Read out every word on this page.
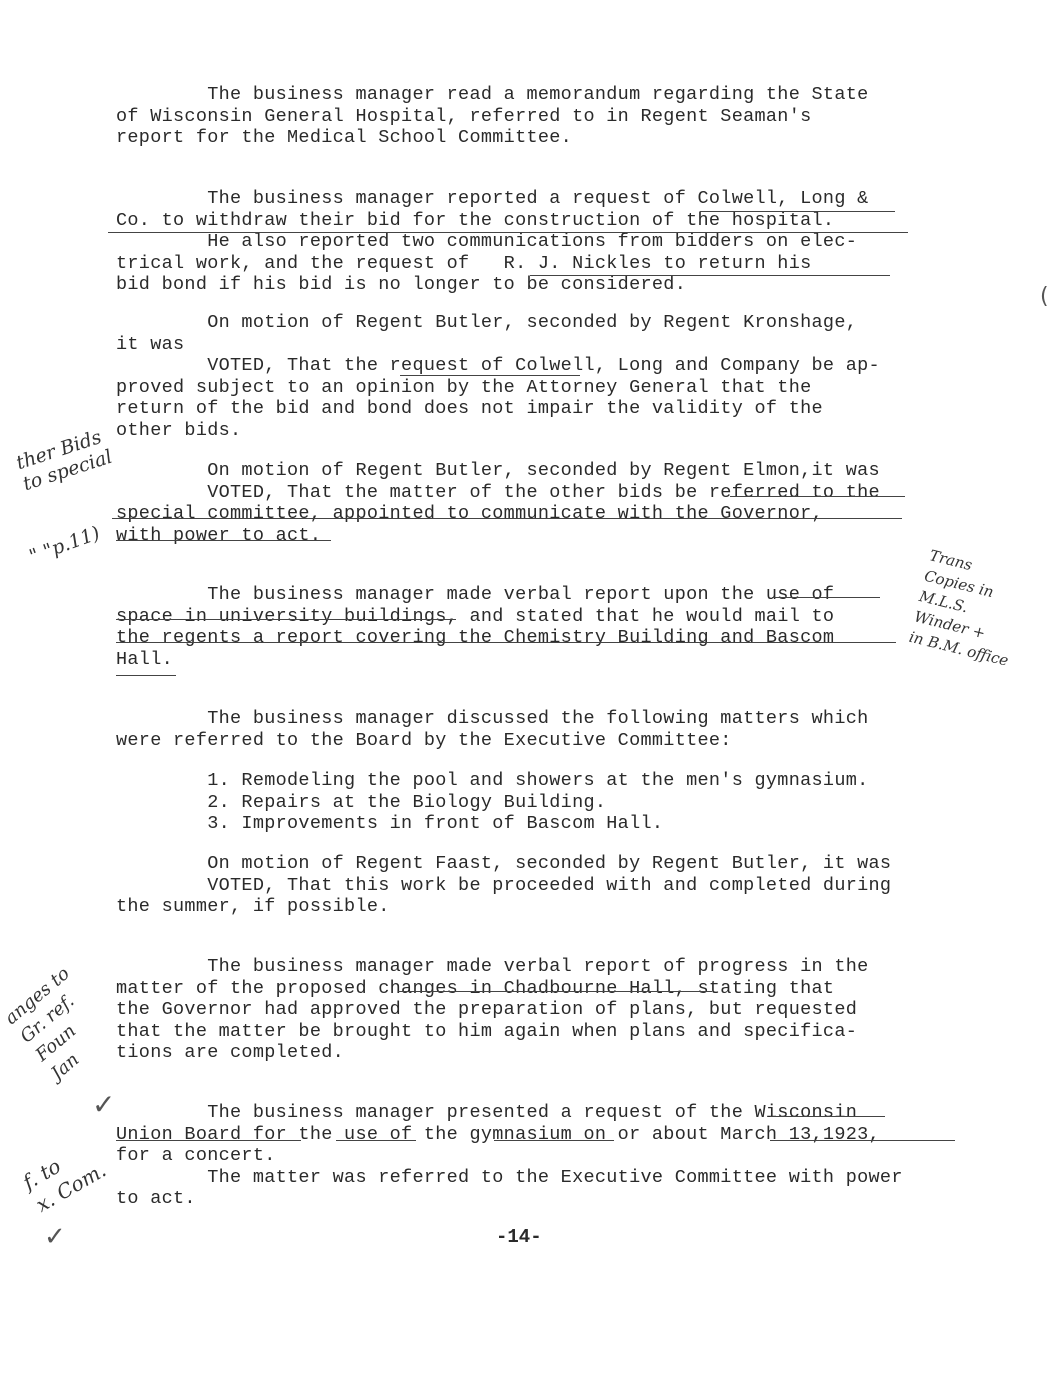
The business manager read a memorandum regarding the State
of Wisconsin General Hospital, referred to in Regent Seaman's
report for the Medical School Committee.
The business manager reported a request of Colwell, Long &
Co. to withdraw their bid for the construction of the hospital.
He also reported two communications from bidders on elec-
trical work, and the request of   R. J. Nickles to return his
bid bond if his bid is no longer to be considered.
On motion of Regent Butler, seconded by Regent Kronshage,
it was
VOTED, That the request of Colwell, Long and Company be ap-
proved subject to an opinion by the Attorney General that the
return of the bid and bond does not impair the validity of the
other bids.
On motion of Regent Butler, seconded by Regent Elmon,it was
VOTED, That the matter of the other bids be referred to the
special committee, appointed to communicate with the Governor,
with power to act.
The business manager made verbal report upon the use of
space in university buildings, and stated that he would mail to
the regents a report covering the Chemistry Building and Bascom
Hall.
The business manager discussed the following matters which
were referred to the Board by the Executive Committee:
1. Remodeling the pool and showers at the men's gymnasium.
2. Repairs at the Biology Building.
3. Improvements in front of Bascom Hall.
On motion of Regent Faast, seconded by Regent Butler, it was
VOTED, That this work be proceeded with and completed during
the summer, if possible.
The business manager made verbal report of progress in the
matter of the proposed changes in Chadbourne Hall, stating that
the Governor had approved the preparation of plans, but requested
that the matter be brought to him again when plans and specifica-
tions are completed.
The business manager presented a request of the Wisconsin
Union Board for the use of the gymnasium on or about March 13,1923,
for a concert.
The matter was referred to the Executive Committee with power
to act.
ther Bids
to special
" "p.11)	Trans
Copies in
M.L.S.
Winder +
in B.M. office
anges to
Gr. ref.
Foun
Jan
f. to
x. Com.
✓
✓
(
-14-
